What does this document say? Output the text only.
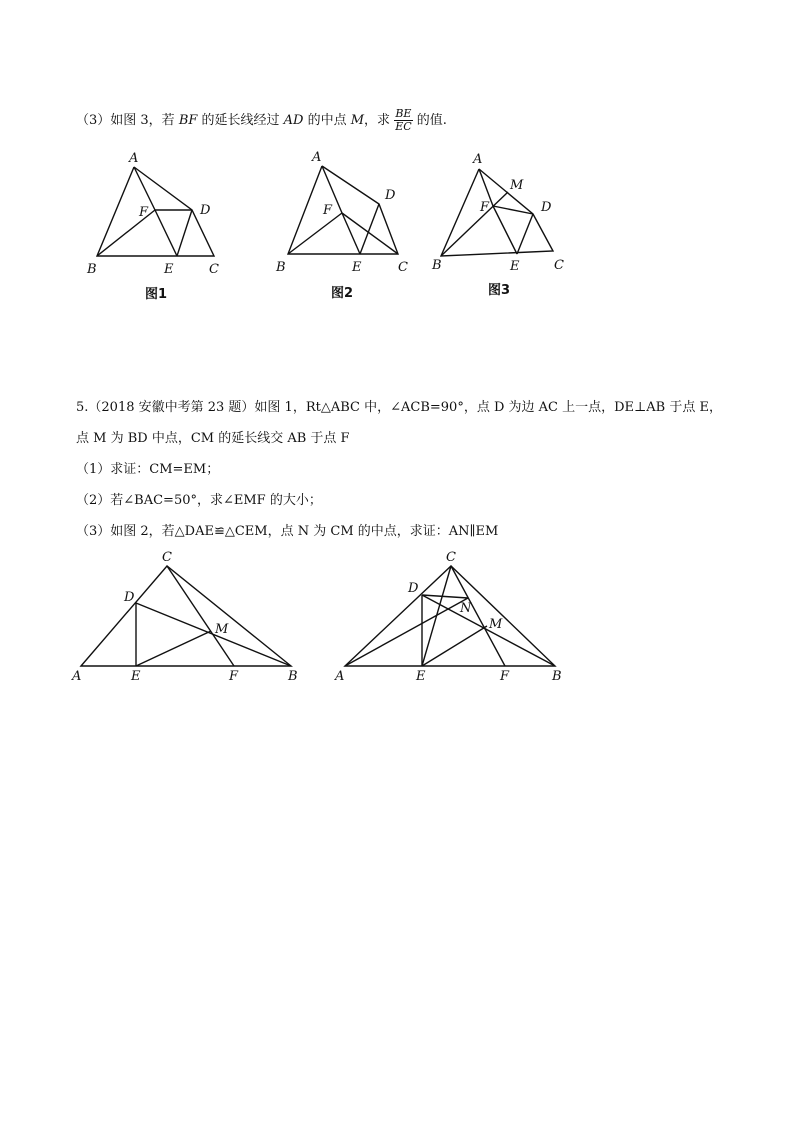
（3）如图 3，若 BF 的延长线经过 AD 的中点 M，求 $\frac{BE}{EC}$ 的值.
A
B	C
D
E
F
图1
A
B	C
D
E
F
图2
A
M
B	C
D
E
F
图3
5.（2018 安徽中考第 23 题）如图 1，Rt△ABC 中，∠ACB=90°，点 D 为边 AC 上一点，DE⊥AB 于点 E，
点 M 为 BD 中点，CM 的延长线交 AB 于点 F
（1）求证：CM=EM；
（2）若∠BAC=50°，求∠EMF 的大小；
（3）如图 2，若△DAE≌△CEM，点 N 为 CM 的中点，求证：AN∥EM
C
D
M
A	E	F	B
C
D
N
M
A	E	F	B
